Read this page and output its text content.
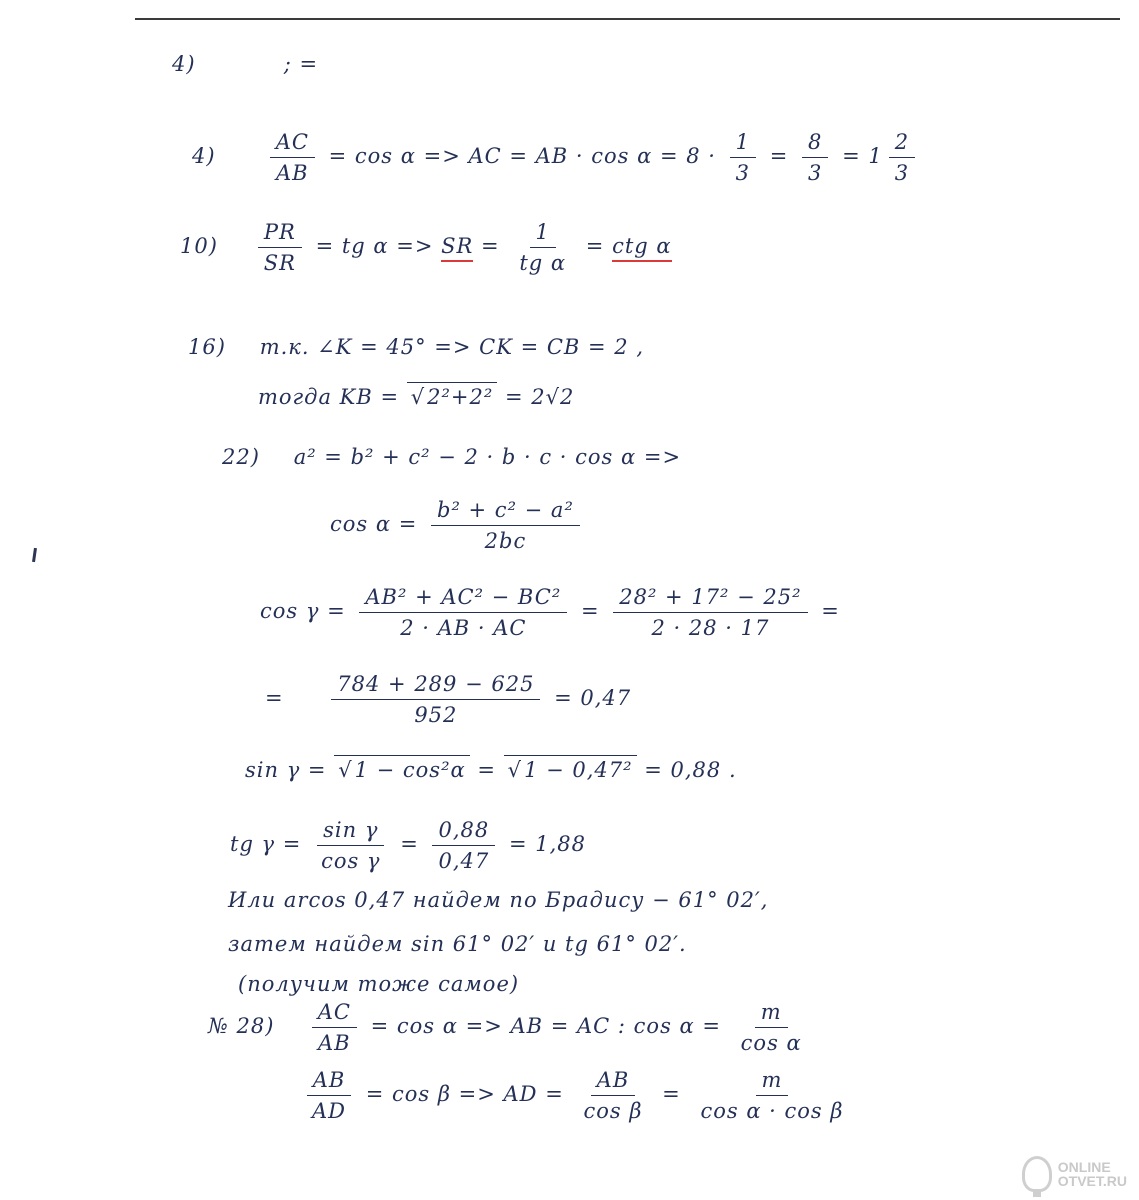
4)	; =
4)	$\frac{AC}{AB} = \cos \alpha$ => AC = AB · $\cos \alpha = 8 \cdot \frac{1}{3} = \frac{8}{3} = 1 \frac{2}{3}$
$10) \frac{PR}{SR}$ = tg α => SR = $\frac{1}{\text{tg α}}$ = ctg α
16) т.к. ∠K = 45° => CK = CB = 2 ,
тогда KB = √ 2²+2² = 2√2
22) a² = b² + c² − 2 · b · c · cos α =>
$\cos \alpha = \frac{\text{b² + c² − a²}}{2bc}$
$\cos \gamma = \frac{\text{AB² + AC² − BC²}}{2 \cdot AB \cdot AC} = \frac{\text{28² + 17² − 25²}}{2 \cdot 28 \cdot 17}$ =
= $\frac{784 + 289 - 625}{952} = 0,47$
sin γ = √ 1 − cos²α = √ 1 − 0,47² = 0,88 .
tg $\gamma = \frac{\text{sin γ}}{\text{cos γ}} = \frac{0,88}{0,47} = 1,88$
Или arcos 0,47 найдем по Брадису − 61° 02′,
затем найдем sin 61° 02′ и tg 61° 02′.
(получим тоже самое)
№ $28) \frac{AC}{AB} = \cos \alpha$ => AB = AC : $\cos \alpha = \frac{m}{\text{cos α}}$
$\frac{AB}{AD} = \cos \beta$ => AD = $\frac{AB}{\text{cos β}} = \frac{m}{\text{cos α · cos β}}$
ONLINE
OTVET.RU
